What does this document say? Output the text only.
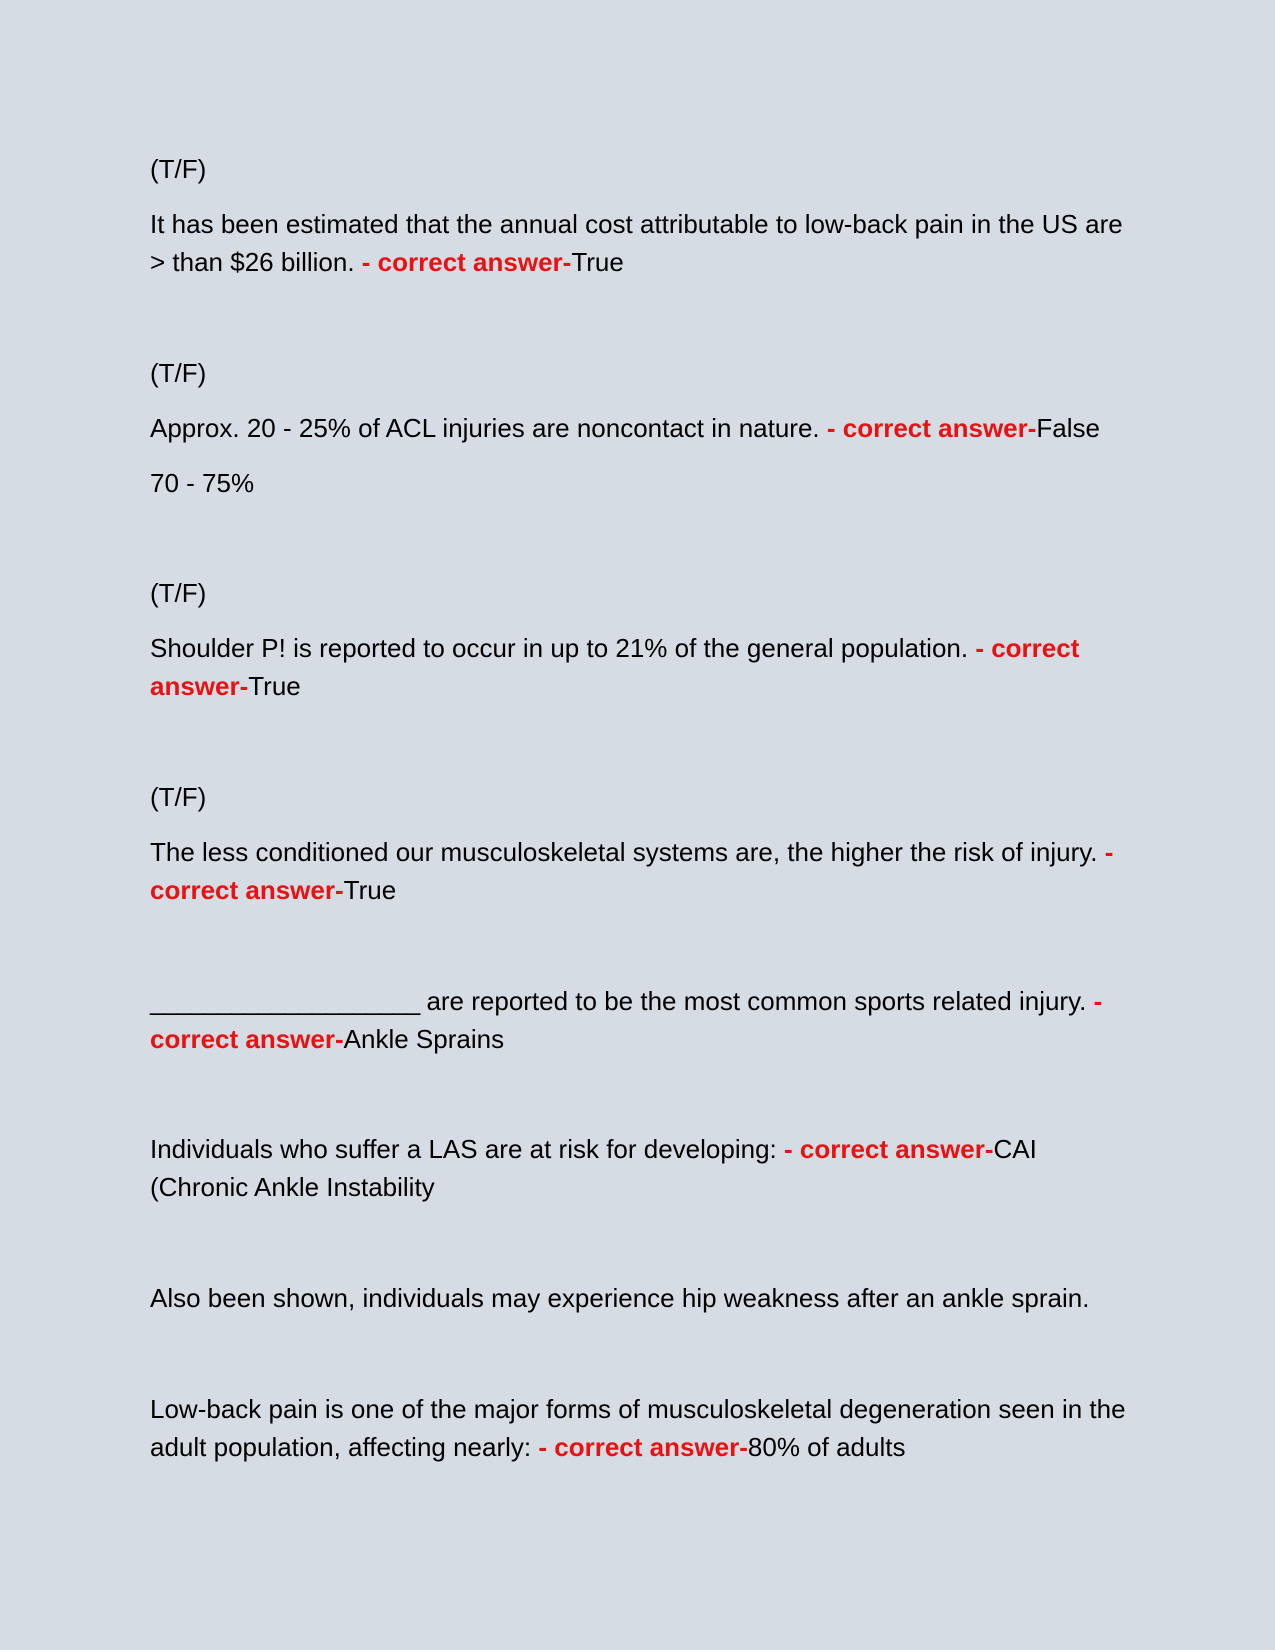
(T/F)
It has been estimated that the annual cost attributable to low-back pain in the US are > than $26 billion. - correct answer-True
(T/F)
Approx. 20 - 25% of ACL injuries are noncontact in nature. - correct answer-False
70 - 75%
(T/F)
Shoulder P! is reported to occur in up to 21% of the general population. - correct answer-True
(T/F)
The less conditioned our musculoskeletal systems are, the higher the risk of injury. - correct answer-True
____________________ are reported to be the most common sports related injury. - correct answer-Ankle Sprains
Individuals who suffer a LAS are at risk for developing: - correct answer-CAI (Chronic Ankle Instability
Also been shown, individuals may experience hip weakness after an ankle sprain.
Low-back pain is one of the major forms of musculoskeletal degeneration seen in the adult population, affecting nearly: - correct answer-80% of adults
